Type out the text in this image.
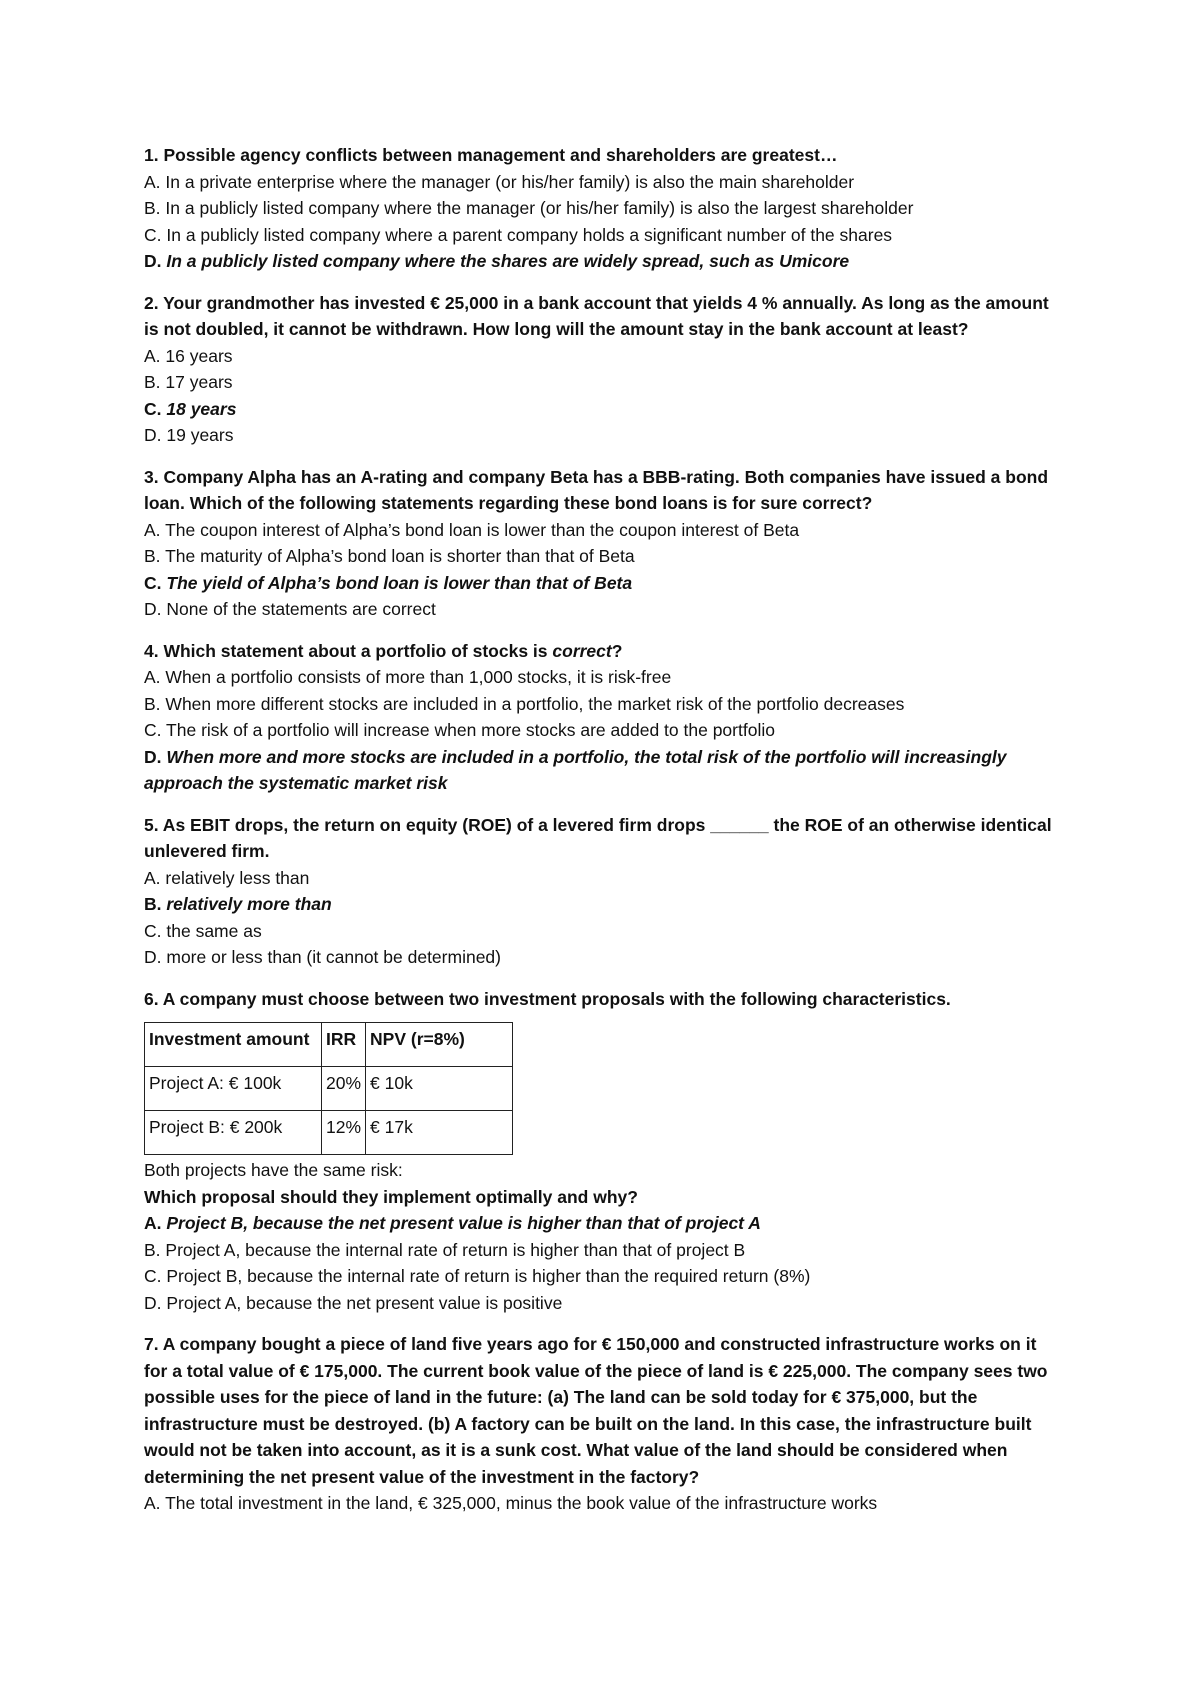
1. Possible agency conflicts between management and shareholders are greatest…
A. In a private enterprise where the manager (or his/her family) is also the main shareholder
B. In a publicly listed company where the manager (or his/her family) is also the largest shareholder
C. In a publicly listed company where a parent company holds a significant number of the shares
D. In a publicly listed company where the shares are widely spread, such as Umicore
2. Your grandmother has invested € 25,000 in a bank account that yields 4 % annually. As long as the amount
is not doubled, it cannot be withdrawn. How long will the amount stay in the bank account at least?
A. 16 years
B. 17 years
C. 18 years
D. 19 years
3. Company Alpha has an A-rating and company Beta has a BBB-rating. Both companies have issued a bond
loan. Which of the following statements regarding these bond loans is for sure correct?
A. The coupon interest of Alpha’s bond loan is lower than the coupon interest of Beta
B. The maturity of Alpha’s bond loan is shorter than that of Beta
C. The yield of Alpha’s bond loan is lower than that of Beta
D. None of the statements are correct
4. Which statement about a portfolio of stocks is correct?
A. When a portfolio consists of more than 1,000 stocks, it is risk-free
B. When more different stocks are included in a portfolio, the market risk of the portfolio decreases
C. The risk of a portfolio will increase when more stocks are added to the portfolio
D. When more and more stocks are included in a portfolio, the total risk of the portfolio will increasingly
approach the systematic market risk
5. As EBIT drops, the return on equity (ROE) of a levered firm drops ______ the ROE of an otherwise identical
unlevered firm.
A. relatively less than
B. relatively more than
C. the same as
D. more or less than (it cannot be determined)
6. A company must choose between two investment proposals with the following characteristics.
Investment amount	IRR	NPV (r=8%)
Project A: € 100k	20%	€ 10k
Project B: € 200k	12%	€ 17k
Both projects have the same risk:
Which proposal should they implement optimally and why?
A. Project B, because the net present value is higher than that of project A
B. Project A, because the internal rate of return is higher than that of project B
C. Project B, because the internal rate of return is higher than the required return (8%)
D. Project A, because the net present value is positive
7. A company bought a piece of land five years ago for € 150,000 and constructed infrastructure works on it
for a total value of € 175,000. The current book value of the piece of land is € 225,000. The company sees two
possible uses for the piece of land in the future: (a) The land can be sold today for € 375,000, but the
infrastructure must be destroyed. (b) A factory can be built on the land. In this case, the infrastructure built
would not be taken into account, as it is a sunk cost. What value of the land should be considered when
determining the net present value of the investment in the factory?
A. The total investment in the land, € 325,000, minus the book value of the infrastructure works
